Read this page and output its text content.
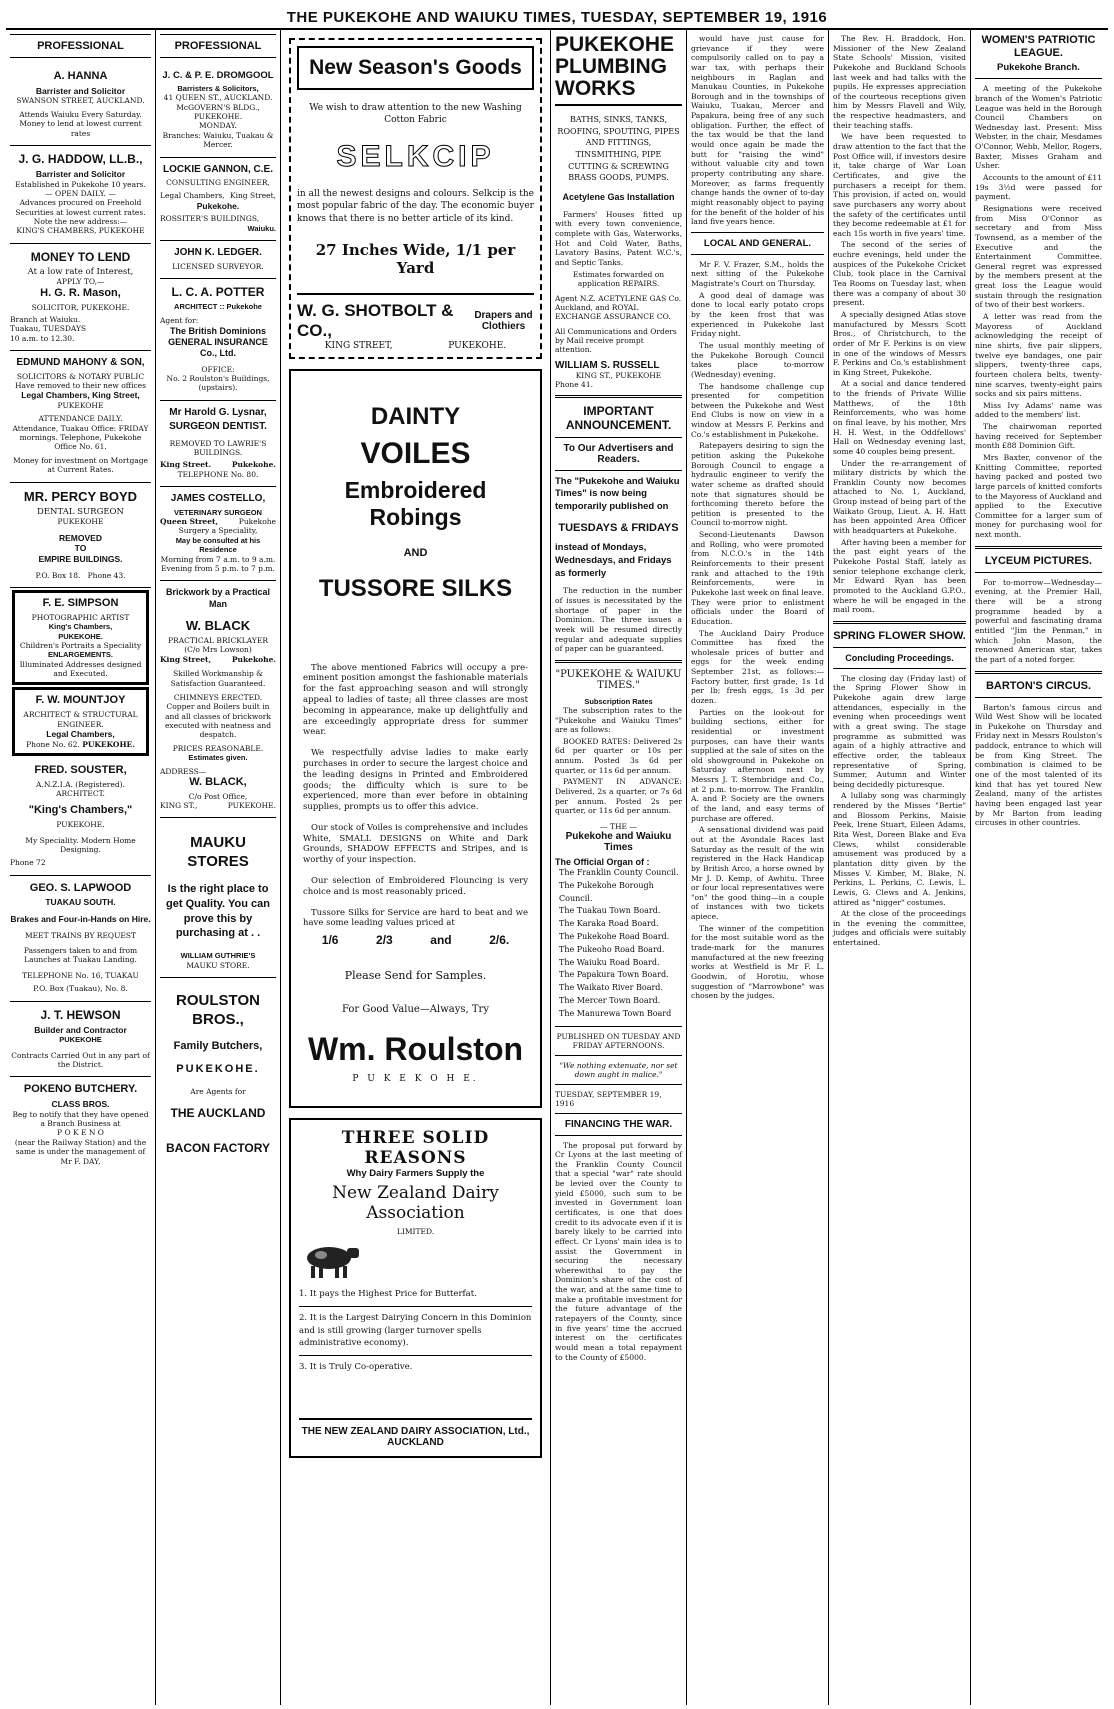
THE PUKEKOHE AND WAIUKU TIMES, TUESDAY, SEPTEMBER 19, 1916
PROFESSIONAL
A. HANNA
Barrister and Solicitor
SWANSON STREET, AUCKLAND.
Attends Waiuku Every Saturday.
Money to lend at lowest current rates
J. G. HADDOW, LL.B.,
Barrister and Solicitor
Established in Pukekohe 10 years.
— OPEN DAILY. —
Advances procured on Freehold Securities at lowest current rates.
Note the new address:—
KING'S CHAMBERS, PUKEKOHE
MONEY TO LEND
At a low rate of Interest,
APPLY TO,—
H. G. R. Mason,
SOLICITOR, PUKEKOHE.
Branch at Waiuku.
Tuakau, TUESDAYS
10 a.m. to 12.30.
EDMUND MAHONY & SON,
SOLICITORS & NOTARY PUBLIC
Have removed to their new offices
Legal Chambers, King Street,
PUKEKOHE
ATTENDANCE DAILY.
Attendance, Tuakau Office: FRIDAY mornings. Telephone, Pukekohe Office No. 61.
Money for investment on Mortgage at Current Rates.
MR. PERCY BOYD
DENTAL SURGEON
PUKEKOHE
REMOVED
TO
EMPIRE BUILDINGS.
P.O. Box 18. Phone 43.
F. E. SIMPSON
PHOTOGRAPHIC ARTIST
King's Chambers,
PUKEKOHE.
Children's Portraits a Speciality
ENLARGEMENTS.
Illuminated Addresses designed and Executed.
F. W. MOUNTJOY
ARCHITECT & STRUCTURAL ENGINEER.
Legal Chambers,
Phone No. 62. PUKEKOHE.
FRED. SOUSTER,
A.N.Z.I.A. (Registered).
ARCHITECT.
"King's Chambers,"
PUKEKOHE.
My Speciality. Modern Home Designing.
Phone 72
GEO. S. LAPWOOD
TUAKAU SOUTH.
Brakes and Four-in-Hands on Hire.
MEET TRAINS BY REQUEST
Passengers taken to and from Launches at Tuakau Landing.
TELEPHONE No. 16, TUAKAU
P.O. Box (Tuakau), No. 8.
J. T. HEWSON
Builder and Contractor
PUKEKOHE
Contracts Carried Out in any part of the District.
POKENO BUTCHERY.
CLASS BROS.
Beg to notify that they have opened a Branch Business at
P O K E N O
(near the Railway Station) and the same is under the management of Mr F. DAY,
PROFESSIONAL
J. C. & P. E. DROMGOOL
Barristers & Solicitors,
41 QUEEN ST., AUCKLAND.
McGOVERN'S BLDG., PUKEKOHE.
MONDAY.
Branches: Waiuku, Tuakau & Mercer.
LOCKIE GANNON, C.E.
CONSULTING ENGINEER,
Legal Chambers, King Street,
Pukekohe.
ROSSITER'S BUILDINGS,
Waiuku.
JOHN K. LEDGER.
LICENSED SURVEYOR.
L. C. A. POTTER
ARCHITECT :: Pukekohe
Agent for:
The British Dominions GENERAL INSURANCE Co., Ltd.
OFFICE:
No. 2 Roulston's Buildings, (upstairs).
Mr Harold G. Lysnar,
SURGEON DENTIST.
REMOVED TO LAWRIE'S BUILDINGS.
King Street.	Pukekohe.
TELEPHONE No. 80.
JAMES COSTELLO,
VETERINARY SURGEON
Queen Street,	Pukekohe
Surgery a Speciality,
May be consulted at his Residence
Morning from 7 a.m. to 9 a.m.
Evening from 5 p.m. to 7 p.m.
Brickwork by a Practical Man
W. BLACK
PRACTICAL BRICKLAYER
(C/o Mrs Lowson)
King Street,	Pukekohe.
Skilled Workmanship & Satisfaction Guaranteed.
CHIMNEYS ERECTED.
Copper and Boilers built in and all classes of brickwork executed with neatness and despatch.
PRICES REASONABLE.
Estimates given.
ADDRESS—
W. BLACK,
C/o Post Office,
KING ST.,	PUKEKOHE.
MAUKU STORES
Is the right place to get Quality. You can prove this by purchasing at . .
WILLIAM GUTHRIE'S
MAUKU STORE.
ROULSTON BROS.,
Family Butchers,
PUKEKOHE.
Are Agents for
THE AUCKLAND
BACON FACTORY
New Season's Goods
We wish to draw attention to the new Washing Cotton Fabric
SELKCIP
in all the newest designs and colours. Selkcip is the most popular fabric of the day. The economic buyer knows that there is no better article of its kind.
27 Inches Wide, 1/1 per Yard
W. G. SHOTBOLT & CO.,
Drapers and Clothiers
KING STREET,	PUKEKOHE.
DAINTY
VOILES
Embroidered Robings
AND
TUSSORE SILKS

The above mentioned Fabrics will occupy a pre-eminent position amongst the fashionable materials for the fast approaching season and will strongly appeal to ladies of taste; all three classes are most becoming in appearance, make up delightfully and are exceedingly appropriate dress for summer wear.

We respectfully advise ladies to make early purchases in order to secure the largest choice and the leading designs in Printed and Embroidered goods; the difficulty which is sure to be experienced, more than ever before in obtaining supplies, prompts us to offer this advice.

Our stock of Voiles is comprehensive and includes White, SMALL DESIGNS on White and Dark Grounds, SHADOW EFFECTS and Stripes, and is worthy of your inspection.

Our selection of Embroidered Flouncing is very choice and is most reasonably priced.

Tussore Silks for Service are hard to beat and we have some leading values priced at

1/6	2/3	and	2/6.
Please Send for Samples.
For Good Value—Always, Try
Wm. Roulston
P U K E K O H E.
THREE SOLID REASONS
Why Dairy Farmers Supply the
New Zealand Dairy Association
LIMITED.
1. It pays the Highest Price for Butterfat.
2. It is the Largest Dairying Concern in this Dominion and is still growing (larger turnover spells administrative economy).
3. It is Truly Co-operative.
THE NEW ZEALAND DAIRY ASSOCIATION, Ltd., AUCKLAND
PUKEKOHE
PLUMBING
WORKS
BATHS, SINKS, TANKS, ROOFING, SPOUTING, PIPES AND FITTINGS, TINSMITHING, PIPE CUTTING & SCREWING BRASS GOODS, PUMPS.
Acetylene Gas Installation

Farmers' Houses fitted up with every town convenience, complete with Gas, Waterworks, Hot and Cold Water, Baths, Lavatory Basins, Patent W.C.'s, and Septic Tanks.

Estimates forwarded on application REPAIRS.
Agent N.Z. ACETYLENE GAS Co. Auckland, and ROYAL EXCHANGE ASSURANCE CO.
All Communications and Orders by Mail receive prompt attention.
WILLIAM S. RUSSELL
KING ST., PUKEKOHE
Phone 41.
IMPORTANT ANNOUNCEMENT.
To Our Advertisers and Readers.
The "Pukekohe and Waiuku Times" is now being temporarily published on
TUESDAYS & FRIDAYS
instead of Mondays, Wednesdays, and Fridays as formerly

The reduction in the number of issues is necessitated by the shortage of paper in the Dominion. The three issues a week will be resumed directly regular and adequate supplies of paper can be guaranteed.

"PUKEKOHE & WAIUKU TIMES."
Subscription Rates

The subscription rates to the "Pukekohe and Waiuku Times" are as follows:

BOOKED RATES: Delivered 2s 6d per quarter or 10s per annum. Posted 3s 6d per quarter, or 11s 6d per annum.

PAYMENT IN ADVANCE: Delivered, 2s a quarter, or 7s 6d per annum. Posted 2s per quarter, or 11s 6d per annum.

— THE —
Pukekohe and Waiuku Times
The Official Organ of :
The Franklin County Council.
The Pukekohe Borough Council.
The Tuakau Town Board.
The Karaka Road Board.
The Pukekohe Road Board.
The Pukeoho Road Board.
The Waiuku Road Board.
The Papakura Town Board.
The Waikato River Board.
The Mercer Town Board.
The Manurewa Town Board
PUBLISHED ON TUESDAY AND FRIDAY AFTERNOONS.
"We nothing extenuate, nor set down aught in malice."
TUESDAY, SEPTEMBER 19, 1916
FINANCING THE WAR.

The proposal put forward by Cr Lyons at the last meeting of the Franklin County Council that a special "war" rate should be levied over the County to yield £5000, such sum to be invested in Government loan certificates, is one that does credit to its advocate even if it is barely likely to be carried into effect. Cr Lyons' main idea is to assist the Government in securing the necessary wherewithal to pay the Dominion's share of the cost of the war, and at the same time to make a profitable investment for the future advantage of the ratepayers of the County, since in five years' time the accrued interest on the certificates would mean a total repayment to the County of £5000.

would have just cause for grievance if they were compulsorily called on to pay a war tax, with perhaps their neighbours in Raglan and Manukau Counties, in Pukekohe Borough and in the townships of Waiuku, Tuakau, Mercer and Papakura, being free of any such obligation. Further, the effect of the tax would be that the land would once again be made the butt for "raising the wind" without valuable city and town property contributing any share. Moreover, as farms frequently change hands the owner of to-day might reasonably object to paying for the benefit of the holder of his land five years hence.

LOCAL AND GENERAL.

Mr F. V. Frazer, S.M., holds the next sitting of the Pukekohe Magistrate's Court on Thursday.

A good deal of damage was done to local early potato crops by the keen frost that was experienced in Pukekohe last Friday night.

The usual monthly meeting of the Pukekohe Borough Council takes place to-morrow (Wednesday) evening.

The handsome challenge cup presented for competition between the Pukekohe and West End Clubs is now on view in a window at Messrs F. Perkins and Co.'s establishment in Pukekohe.

Ratepayers desiring to sign the petition asking the Pukekohe Borough Council to engage a hydraulic engineer to verify the water scheme as drafted should note that signatures should be forthcoming thereto before the petition is presented to the Council to-morrow night.

Second-Lieutenants Dawson and Rolling, who were promoted from N.C.O.'s in the 14th Reinforcements to their present rank and attached to the 19th Reinforcements, were in Pukekohe last week on final leave. They were prior to enlistment officials under the Board of Education.

The Auckland Dairy Produce Committee has fixed the wholesale prices of butter and eggs for the week ending September 21st, as follows:—Factory butter, first grade, 1s 1d per lb; fresh eggs, 1s 3d per dozen.

Parties on the look-out for building sections, either for residential or investment purposes, can have their wants supplied at the sale of sites on the old showground in Pukekohe on Saturday afternoon next by Messrs J. T. Stembridge and Co., at 2 p.m. to-morrow. The Franklin A. and P. Society are the owners of the land, and easy terms of purchase are offered.

A sensational dividend was paid out at the Avondale Races last Saturday as the result of the win registered in the Hack Handicap by British Arco, a horse owned by Mr J. D. Kemp, of Awhitu. Three or four local representatives were "on" the good thing—in a couple of instances with two tickets apiece.

The winner of the competition for the most suitable word as the trade-mark for the manures manufactured at the new freezing works at Westfield is Mr F. L. Goodwin, of Horotiu, whose suggestion of "Marrowbone" was chosen by the judges.

The Rev. H. Braddock, Hon. Missioner of the New Zealand State Schools' Mission, visited Pukekohe and Buckland Schools last week and had talks with the pupils. He expresses appreciation of the courteous receptions given him by Messrs Flavell and Wily, the respective headmasters, and their teaching staffs.

We have been requested to draw attention to the fact that the Post Office will, if investors desire it, take charge of War Loan Certificates, and give the purchasers a receipt for them. This provision, if acted on, would save purchasers any worry about the safety of the certificates until they become redeemable at £1 for each 15s worth in five years' time.

The second of the series of euchre evenings, held under the auspices of the Pukekohe Cricket Club, took place in the Carnival Tea Rooms on Tuesday last, when there was a company of about 30 present.

A specially designed Atlas stove manufactured by Messrs Scott Bros., of Christchurch, to the order of Mr F. Perkins is on view in one of the windows of Messrs F. Perkins and Co.'s establishment in King Street, Pukekohe.

At a social and dance tendered to the friends of Private Willie Matthews, of the 18th Reinforcements, who was home on final leave, by his mother, Mrs H. H. West, in the Oddfellows' Hall on Wednesday evening last, some 40 couples being present.

Under the re-arrangement of military districts by which the Franklin County now becomes attached to No. 1, Auckland, Group instead of being part of the Waikato Group, Lieut. A. H. Hatt has been appointed Area Officer with headquarters at Pukekohe.

After having been a member for the past eight years of the Pukekohe Postal Staff, lately as senior telephone exchange clerk, Mr Edward Ryan has been promoted to the Auckland G.P.O., where he will be engaged in the mail room.

SPRING FLOWER SHOW.
Concluding Proceedings.

The closing day (Friday last) of the Spring Flower Show in Pukekohe again drew large attendances, especially in the evening when proceedings went with a great swing. The stage programme as submitted was again of a highly attractive and effective order, the tableaux representative of Spring, Summer, Autumn and Winter being decidedly picturesque.

A lullaby song was charmingly rendered by the Misses "Bertie" and Blossom Perkins, Maisie Peek, Irene Stuart, Eileen Adams, Rita West, Doreen Blake and Eva Clews, whilst considerable amusement was produced by a plantation ditty given by the Misses V. Kimber, M. Blake, N. Perkins, L. Perkins, C. Lewis, L. Lewis, G. Clews and A. Jenkins, attired as "nigger" costumes.

At the close of the proceedings in the evening the committee, judges and officials were suitably entertained.

WOMEN'S PATRIOTIC LEAGUE.
Pukekohe Branch.

A meeting of the Pukekohe branch of the Women's Patriotic League was held in the Borough Council Chambers on Wednesday last. Present: Miss Webster, in the chair, Mesdames O'Connor, Webb, Mellor, Rogers, Baxter, Misses Graham and Usher.

Accounts to the amount of £11 19s 3½d were passed for payment.

Resignations were received from Miss O'Connor as secretary and from Miss Townsend, as a member of the Executive and the Entertainment Committee. General regret was expressed by the members present at the great loss the League would sustain through the resignation of two of their best workers.

A letter was read from the Mayoress of Auckland acknowledging the receipt of nine shirts, five pair slippers, twelve eye bandages, one pair slippers, twenty-three caps, fourteen cholera belts, twenty-nine scarves, twenty-eight pairs socks and six pairs mittens.

Miss Ivy Adams' name was added to the members' list.

The chairwoman reported having received for September month £88 Dominion Gift.

Mrs Baxter, convenor of the Knitting Committee, reported having packed and posted two large parcels of knitted comforts to the Mayoress of Auckland and applied to the Executive Committee for a larger sum of money for purchasing wool for next month.

LYCEUM PICTURES.

For to-morrow—Wednesday—evening, at the Premier Hall, there will be a strong programme headed by a powerful and fascinating drama entitled "Jim the Penman," in which John Mason, the renowned American star, takes the part of a noted forger.

BARTON'S CIRCUS.

Barton's famous circus and Wild West Show will be located in Pukekohe on Thursday and Friday next in Messrs Roulston's paddock, entrance to which will be from King Street. The combination is claimed to be one of the most talented of its kind that has yet toured New Zealand, many of the artistes having been engaged last year by Mr Barton from leading circuses in other countries.
